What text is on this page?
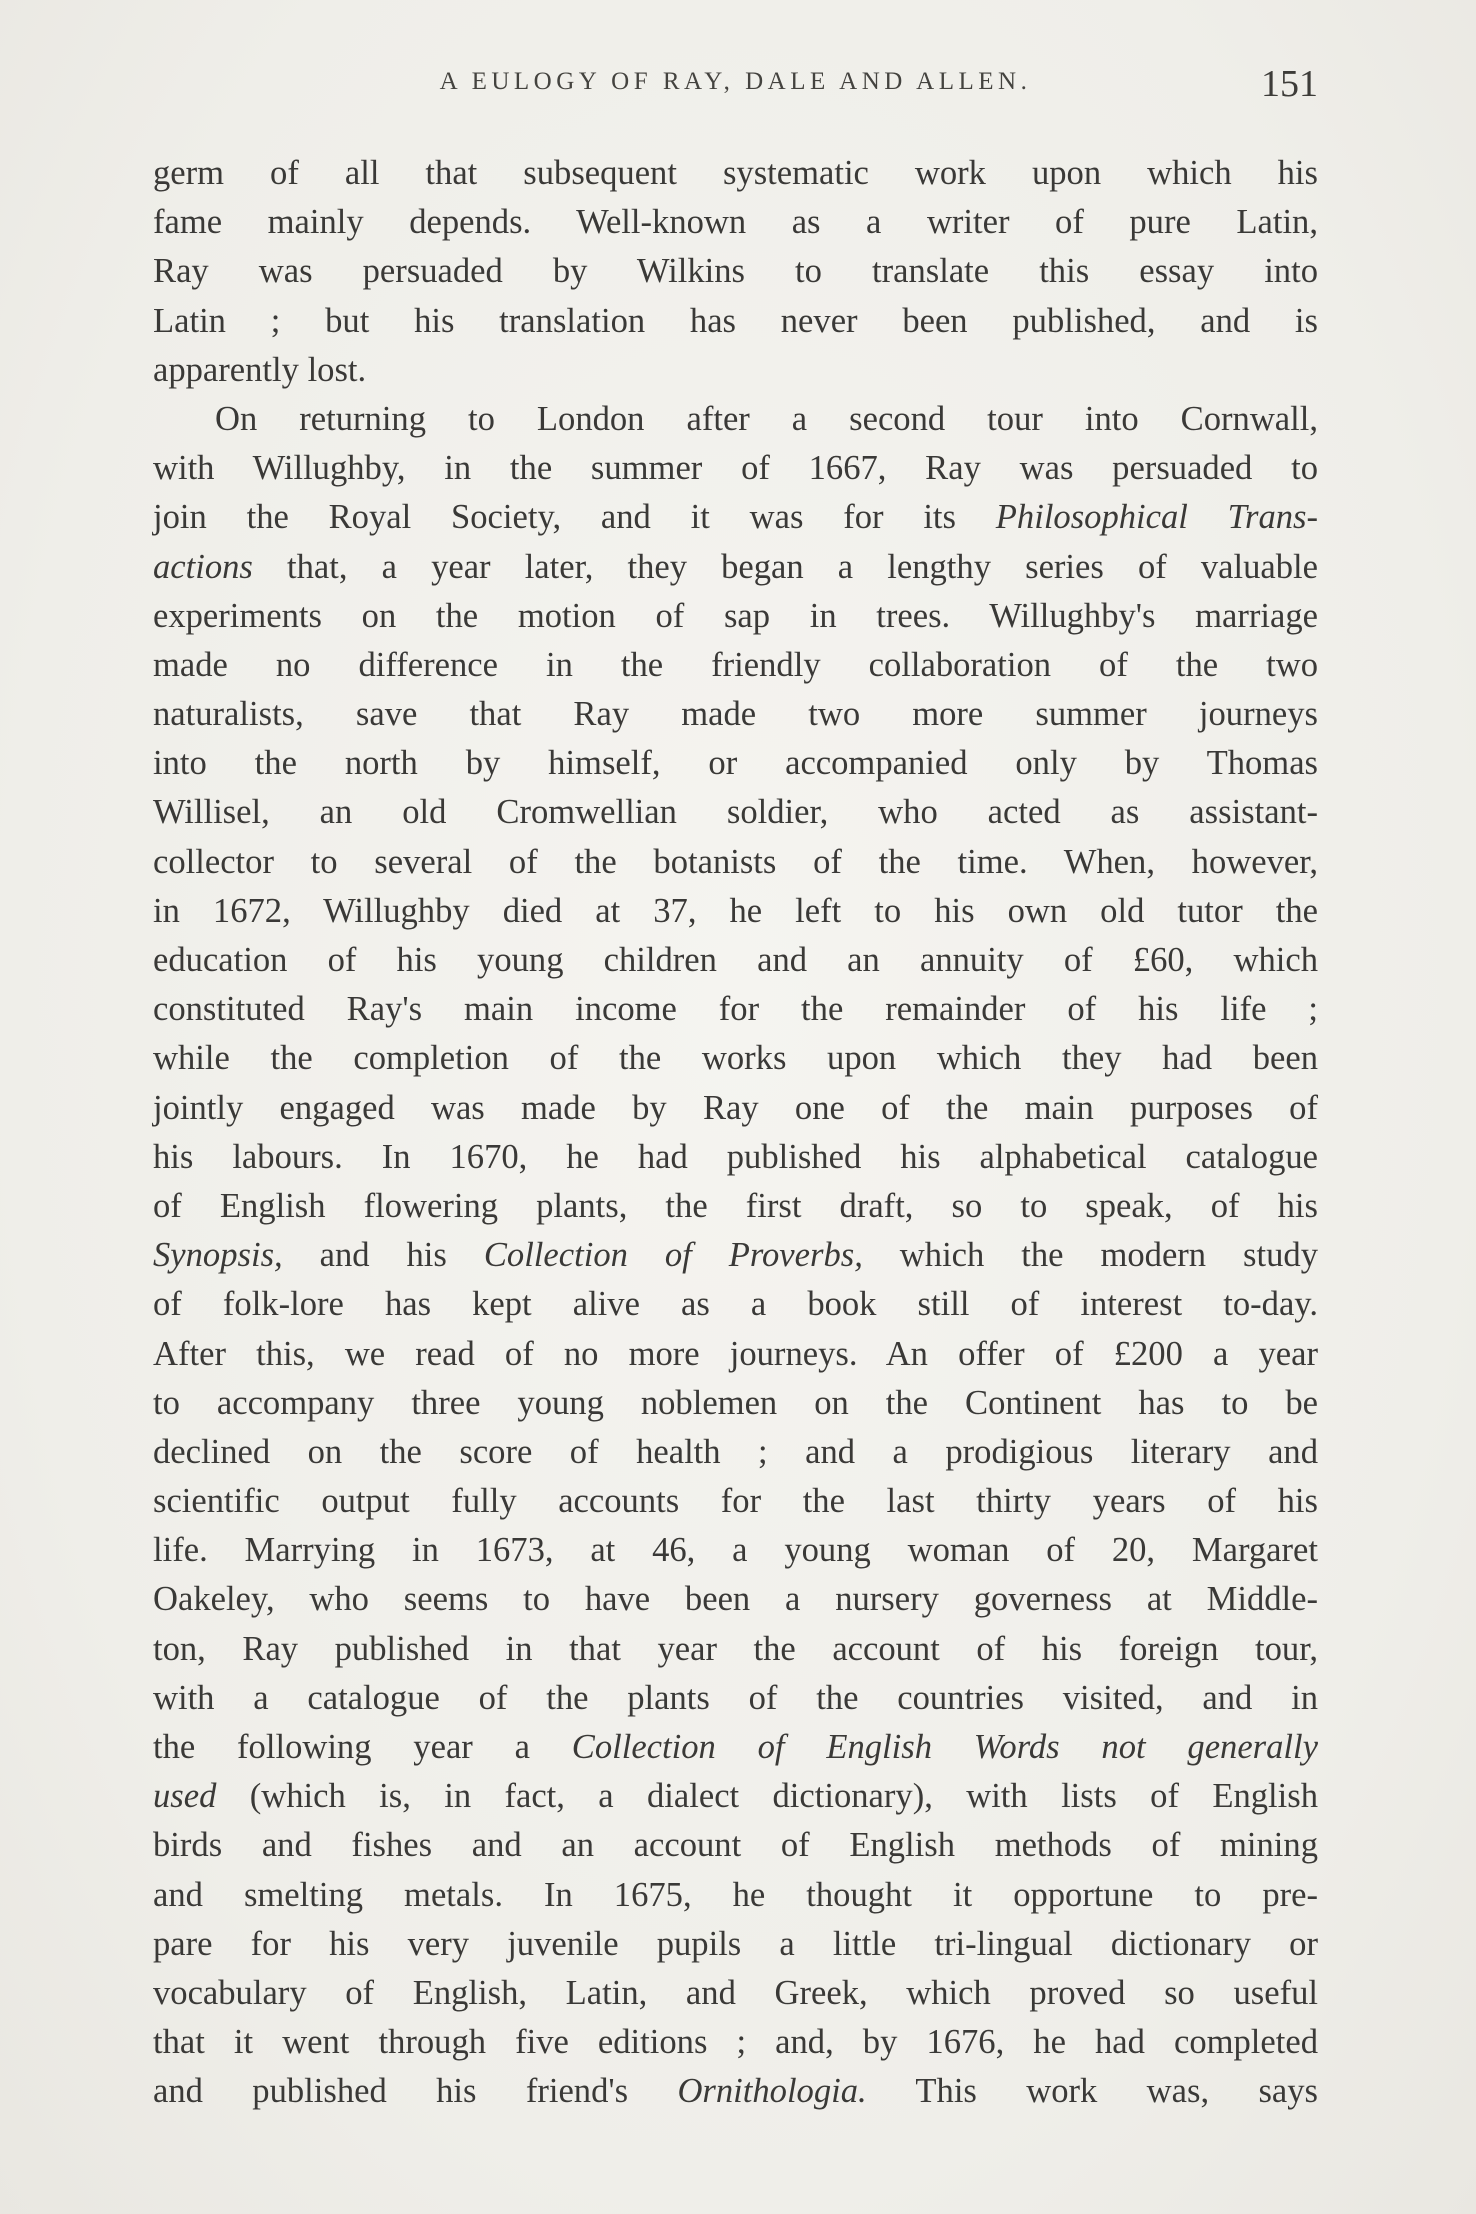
A EULOGY OF RAY, DALE AND ALLEN.	151
germ of all that subsequent systematic work upon which his
fame mainly depends. Well-known as a writer of pure Latin,
Ray was persuaded by Wilkins to translate this essay into
Latin ; but his translation has never been published, and is
apparently lost.
On returning to London after a second tour into Cornwall,
with Willughby, in the summer of 1667, Ray was persuaded to
join the Royal Society, and it was for its Philosophical Trans-
actions that, a year later, they began a lengthy series of valuable
experiments on the motion of sap in trees. Willughby's marriage
made no difference in the friendly collaboration of the two
naturalists, save that Ray made two more summer journeys
into the north by himself, or accompanied only by Thomas
Willisel, an old Cromwellian soldier, who acted as assistant-
collector to several of the botanists of the time. When, however,
in 1672, Willughby died at 37, he left to his own old tutor the
education of his young children and an annuity of £60, which
constituted Ray's main income for the remainder of his life ;
while the completion of the works upon which they had been
jointly engaged was made by Ray one of the main purposes of
his labours. In 1670, he had published his alphabetical catalogue
of English flowering plants, the first draft, so to speak, of his
Synopsis, and his Collection of Proverbs, which the modern study
of folk-lore has kept alive as a book still of interest to-day.
After this, we read of no more journeys. An offer of £200 a year
to accompany three young noblemen on the Continent has to be
declined on the score of health ; and a prodigious literary and
scientific output fully accounts for the last thirty years of his
life. Marrying in 1673, at 46, a young woman of 20, Margaret
Oakeley, who seems to have been a nursery governess at Middle-
ton, Ray published in that year the account of his foreign tour,
with a catalogue of the plants of the countries visited, and in
the following year a Collection of English Words not generally
used (which is, in fact, a dialect dictionary), with lists of English
birds and fishes and an account of English methods of mining
and smelting metals. In 1675, he thought it opportune to pre-
pare for his very juvenile pupils a little tri-lingual dictionary or
vocabulary of English, Latin, and Greek, which proved so useful
that it went through five editions ; and, by 1676, he had completed
and published his friend's Ornithologia. This work was, says
